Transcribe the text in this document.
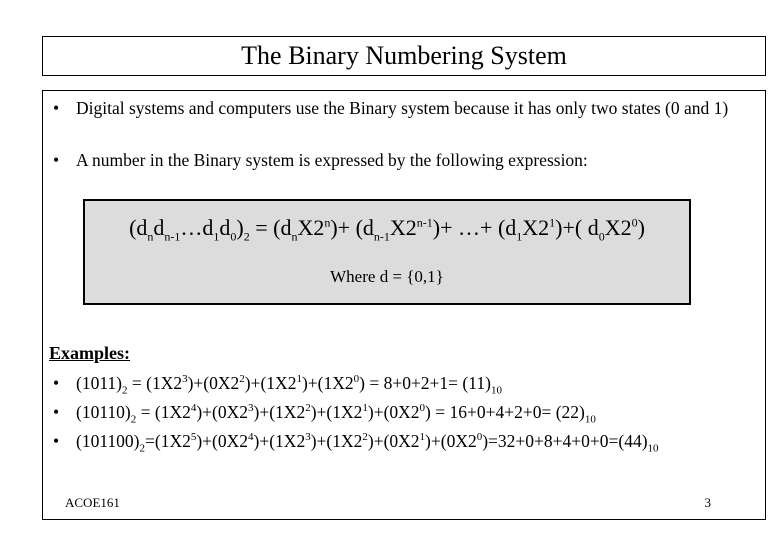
The Binary Numbering System
• Digital systems and computers use the Binary system because it has only two states (0 and 1)
• A number in the Binary system is expressed by the following expression:
$(d_nd_{n-1}\dots d_1d_0)_2 = (d_nX2^n)+ (d_{n-1}X2^{n-1})+$ …+ $(d_1X2^1)+$( $d_0X2^0$)
Where d = {0,1}
Examples:
• $(1011)_2 = (1X2^3)+(0X2^2)+(1X2^1)+(1X2^0) = 8+0+2+1= (11)_{10}$
• $(10110)_2 = (1X2^4)+(0X2^3)+(1X2^2)+(1X2^1)+(0X2^0) = 16+0+4+2+0= (22)_{10}$
• $(101100)_2=(1X2^5)+(0X2^4)+(1X2^3)+(1X2^2)+(0X2^1)+(0X2^0)=32+0+8+4+0+0=(44)_{10}$
ACOE161	3
